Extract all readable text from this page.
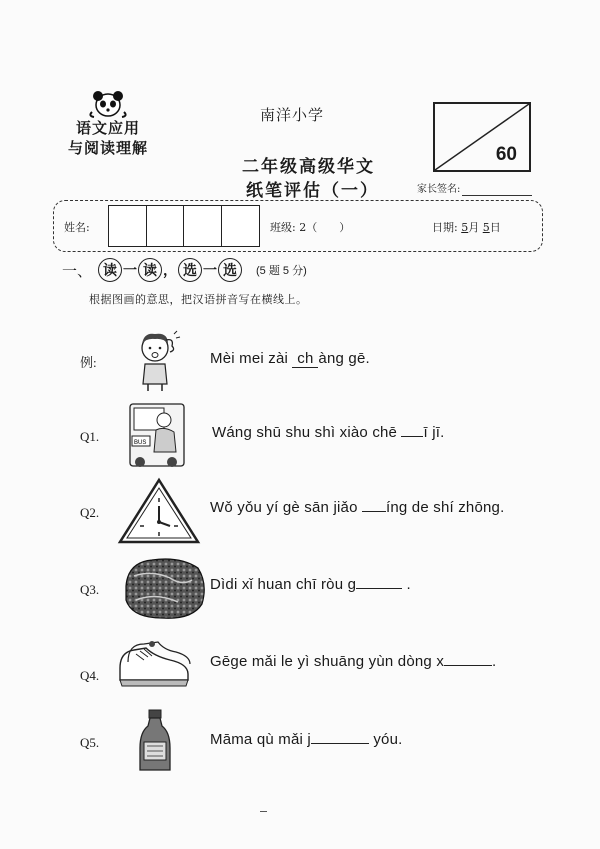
语文应用
与阅读理解
南洋小学
二年级高级华文
纸笔评估（一）
60
家长签名:
姓名:	班级: 2（　　）	日期: 5月 5日
一、 读 一 读 ， 选 一 选	(5 题 5 分)
根据图画的意思，把汉语拼音写在横线上。
例:	Mèi mei zài ch àng gē.
Q1.	BUS
Wáng shū shu shì xiào chē ī jī.
Q2.	Wǒ yǒu yí gè sān jiǎo íng de shí zhōng.
Q3.	Dìdi xǐ huan chī ròu g	.
Q4.
Gēge mǎi le yì shuāng yùn dòng x	.
Q5.	Māma qù mǎi j	yóu.
